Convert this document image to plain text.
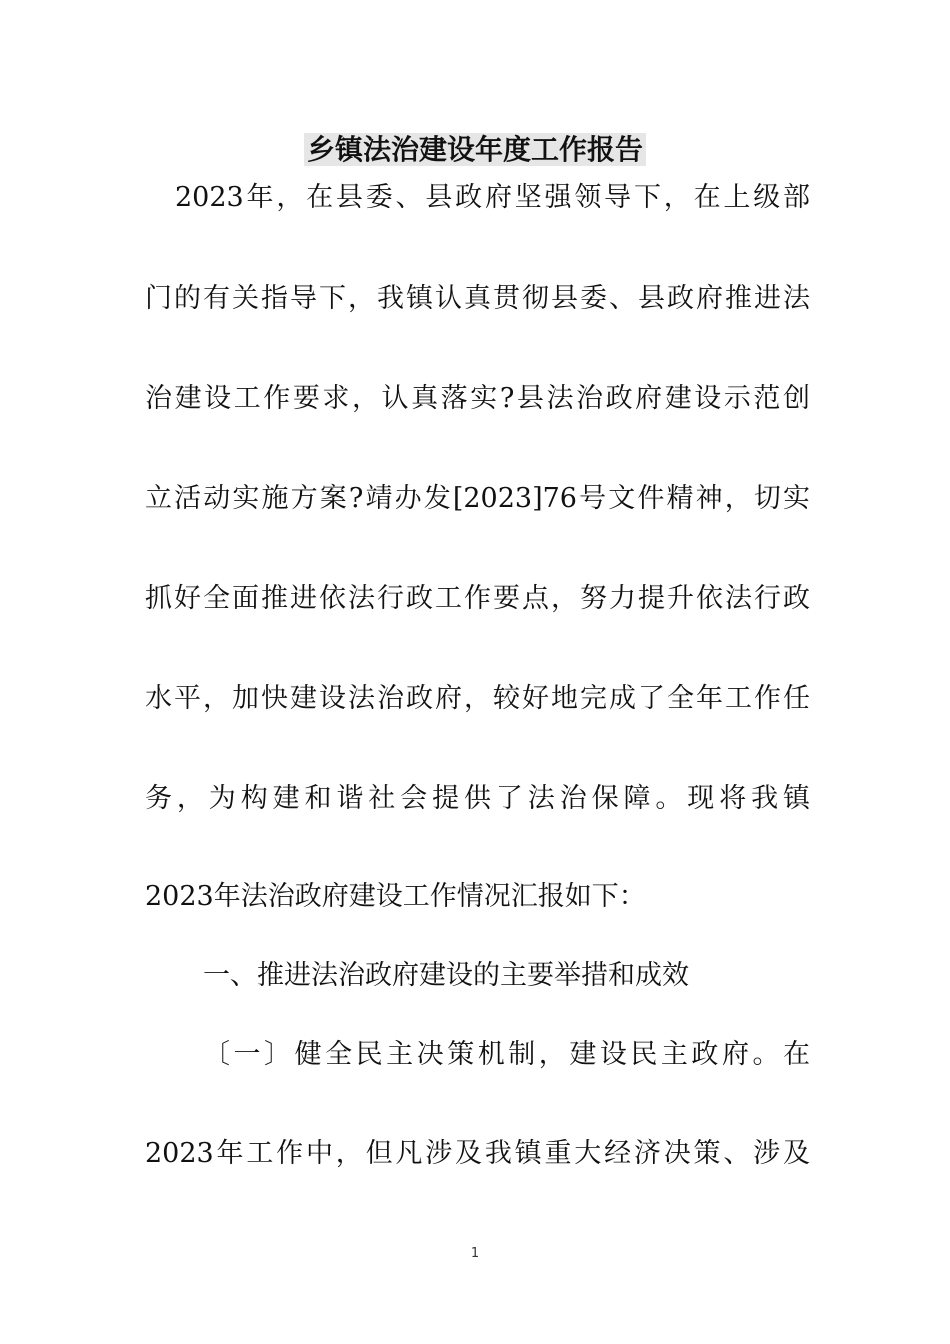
乡镇法治建设年度工作报告
2023年，在县委、县政府坚强领导下，在上级部
门的有关指导下，我镇认真贯彻县委、县政府推进法
治建设工作要求，认真落实?县法治政府建设示范创
立活动实施方案?靖办发[2023]76号文件精神，切实
抓好全面推进依法行政工作要点，努力提升依法行政
水平，加快建设法治政府，较好地完成了全年工作任
务，为构建和谐社会提供了法治保障。现将我镇
2023年法治政府建设工作情况汇报如下：
一、推进法治政府建设的主要举措和成效
〔一〕健全民主决策机制，建设民主政府。在
2023年工作中，但凡涉及我镇重大经济决策、涉及
1
